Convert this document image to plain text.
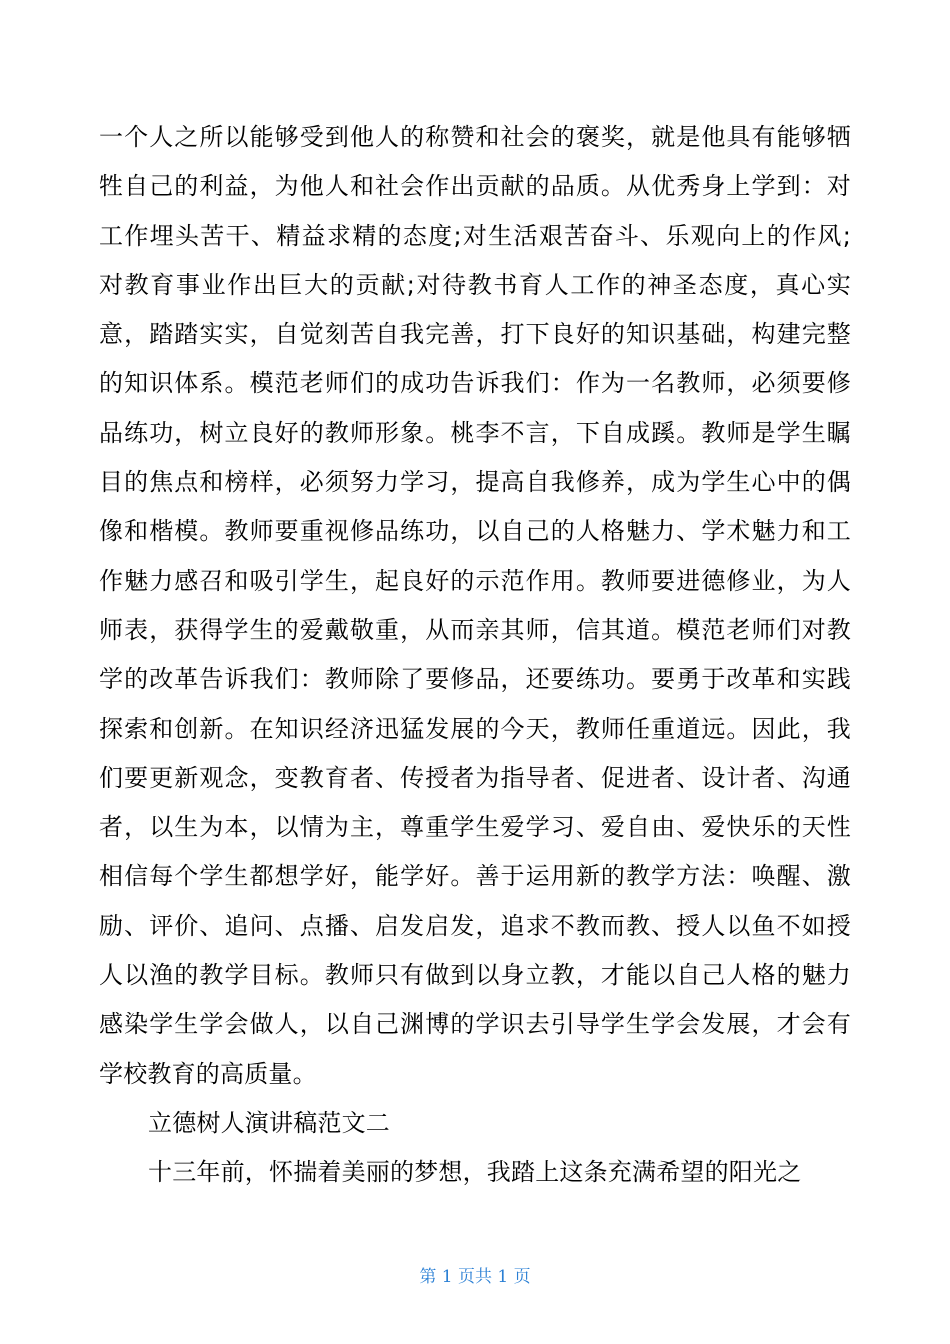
一个人之所以能够受到他人的称赞和社会的褒奖，就是他具有能够牺
牲自己的利益，为他人和社会作出贡献的品质。从优秀身上学到：对
工作埋头苦干、精益求精的态度;对生活艰苦奋斗、乐观向上的作风;
对教育事业作出巨大的贡献;对待教书育人工作的神圣态度，真心实
意，踏踏实实，自觉刻苦自我完善，打下良好的知识基础，构建完整
的知识体系。模范老师们的成功告诉我们：作为一名教师，必须要修
品练功，树立良好的教师形象。桃李不言，下自成蹊。教师是学生瞩
目的焦点和榜样，必须努力学习，提高自我修养，成为学生心中的偶
像和楷模。教师要重视修品练功，以自己的人格魅力、学术魅力和工
作魅力感召和吸引学生，起良好的示范作用。教师要进德修业，为人
师表，获得学生的爱戴敬重，从而亲其师，信其道。模范老师们对教
学的改革告诉我们：教师除了要修品，还要练功。要勇于改革和实践
探索和创新。在知识经济迅猛发展的今天，教师任重道远。因此，我
们要更新观念，变教育者、传授者为指导者、促进者、设计者、沟通
者，以生为本，以情为主，尊重学生爱学习、爱自由、爱快乐的天性
相信每个学生都想学好，能学好。善于运用新的教学方法：唤醒、激
励、评价、追问、点播、启发启发，追求不教而教、授人以鱼不如授
人以渔的教学目标。教师只有做到以身立教，才能以自己人格的魅力
感染学生学会做人，以自己渊博的学识去引导学生学会发展，才会有
学校教育的高质量。
立德树人演讲稿范文二
十三年前，怀揣着美丽的梦想，我踏上这条充满希望的阳光之
第 1 页共 1 页
